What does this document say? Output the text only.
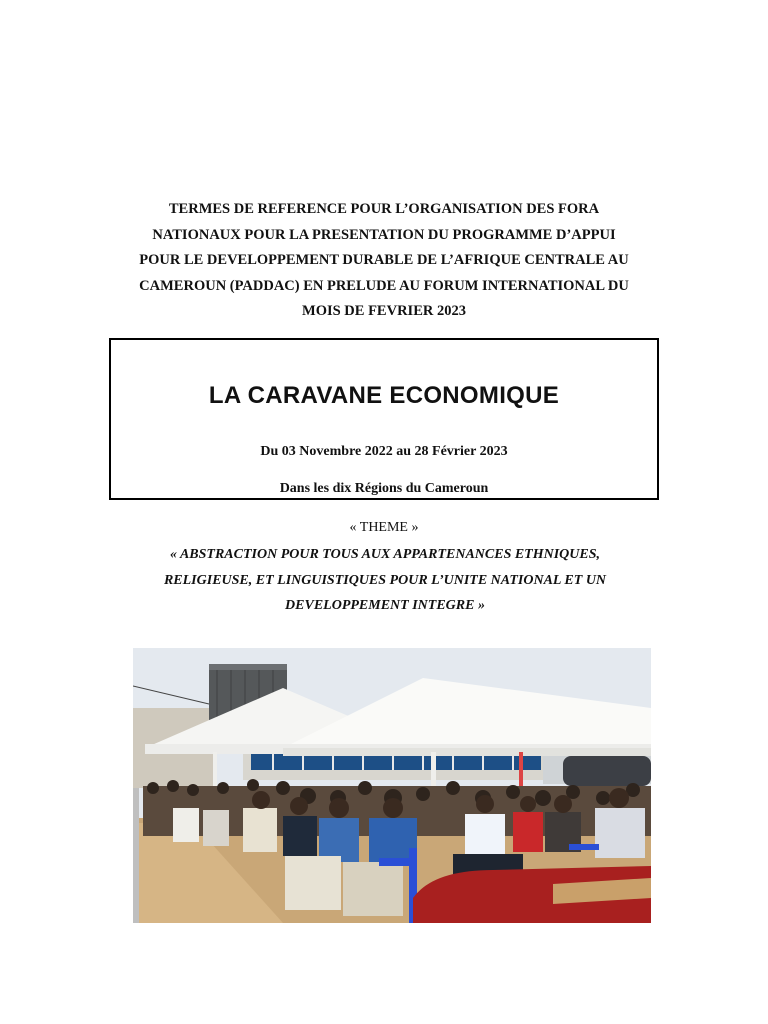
TERMES DE REFERENCE POUR L’ORGANISATION DES FORA
NATIONAUX POUR LA PRESENTATION DU PROGRAMME D’APPUI
POUR LE DEVELOPPEMENT DURABLE DE L’AFRIQUE CENTRALE AU
CAMEROUN (PADDAC) EN PRELUDE AU FORUM INTERNATIONAL DU
MOIS DE FEVRIER 2023
LA CARAVANE ECONOMIQUE
Du 03 Novembre 2022 au 28 Février 2023
Dans les dix Régions du Cameroun
« THEME »
« ABSTRACTION POUR TOUS AUX APPARTENANCES ETHNIQUES,
RELIGIEUSE, ET LINGUISTIQUES POUR L’UNITE NATIONAL ET UN
DEVELOPPEMENT INTEGRE »
